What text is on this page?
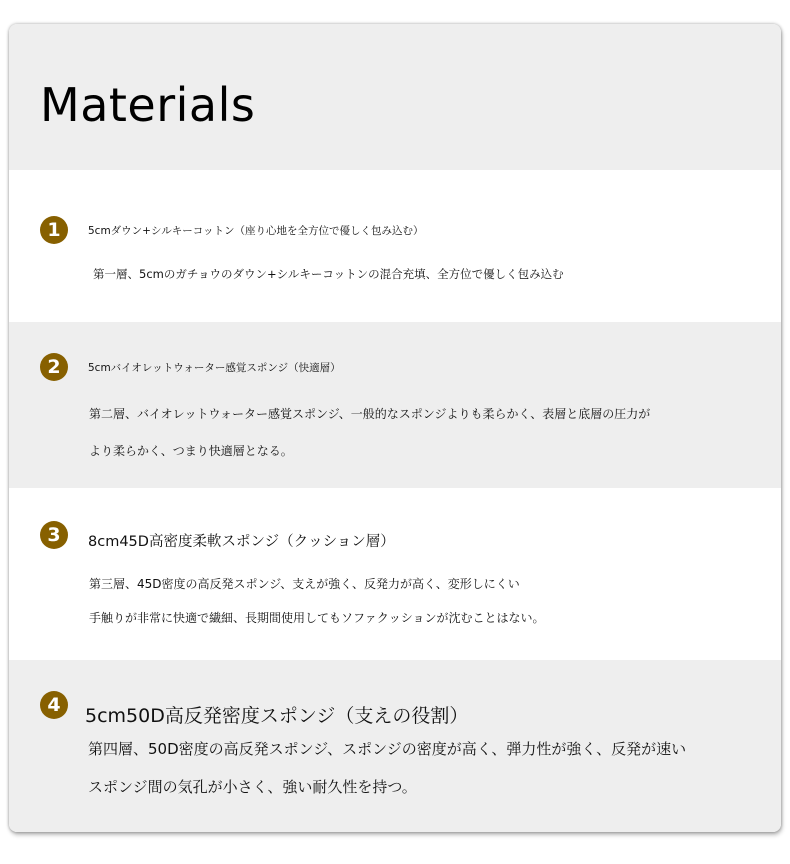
Materials
1	5cmダウン+シルキーコットン（座り心地を全方位で優しく包み込む）

第一層、5cmのガチョウのダウン+シルキーコットンの混合充填、全方位で優しく包み込む

2	5cmバイオレットウォーター感覚スポンジ（快適層）

第二層、バイオレットウォーター感覚スポンジ、一般的なスポンジよりも柔らかく、表層と底層の圧力が

より柔らかく、つまり快適層となる。

3	8cm45D高密度柔軟スポンジ（クッション層）

第三層、45D密度の高反発スポンジ、支えが強く、反発力が高く、変形しにくい

手触りが非常に快適で繊細、長期間使用してもソファクッションが沈むことはない。

4	5cm50D高反発密度スポンジ（支えの役割）

第四層、50D密度の高反発スポンジ、スポンジの密度が高く、弾力性が強く、反発が速い

スポンジ間の気孔が小さく、強い耐久性を持つ。
